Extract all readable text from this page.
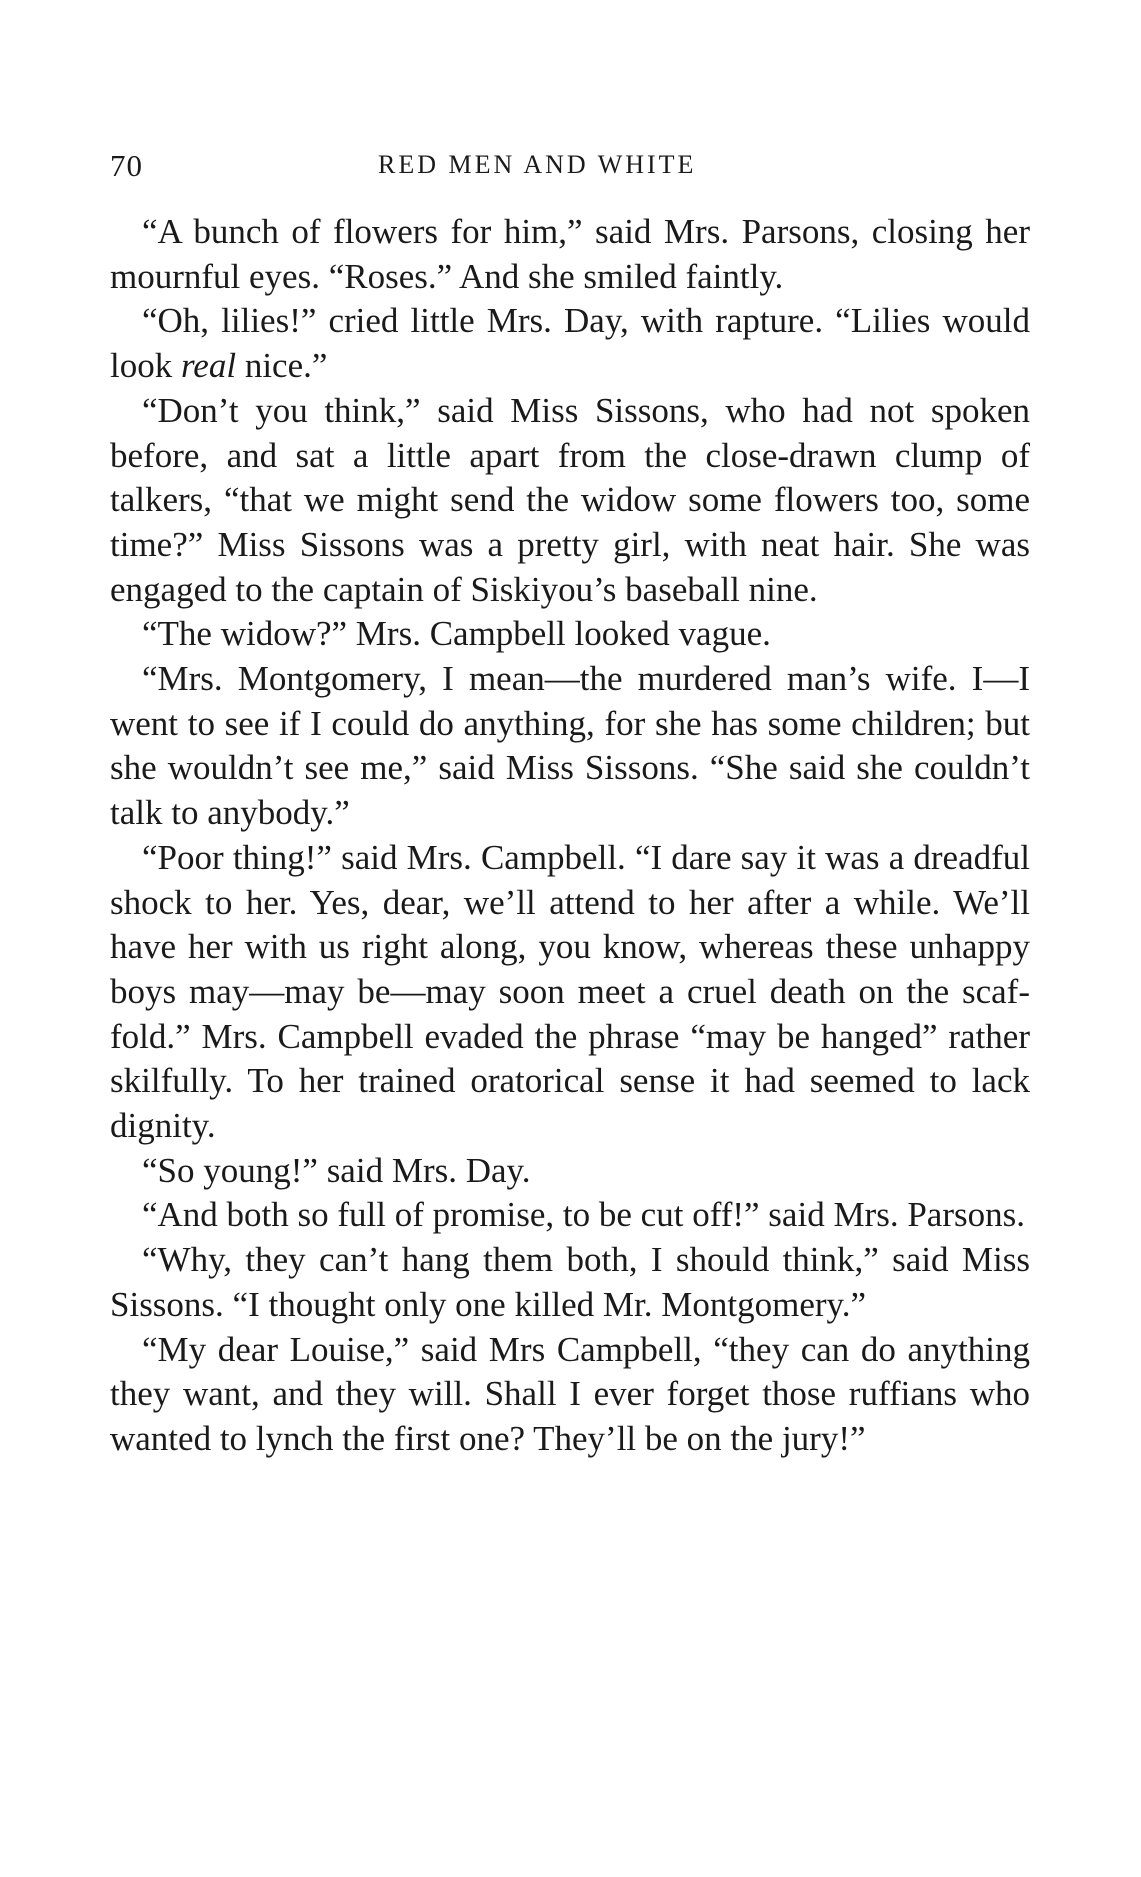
70	RED MEN AND WHITE

“A bunch of flowers for him,” said Mrs. Parsons, closing her mournful eyes. “Roses.” And she smiled faintly.

“Oh, lilies!” cried little Mrs. Day, with rapture. “Lilies would look real nice.”

“Don’t you think,” said Miss Sissons, who had not spoken before, and sat a little apart from the close-drawn clump of talkers, “that we might send the widow some flowers too, some time?” Miss Sissons was a pretty girl, with neat hair. She was engaged to the captain of Siskiyou’s baseball nine.

“The widow?” Mrs. Campbell looked vague.

“Mrs. Montgomery, I mean—the murdered man’s wife. I—I went to see if I could do anything, for she has some children; but she wouldn’t see me,” said Miss Sissons. “She said she couldn’t talk to anybody.”

“Poor thing!” said Mrs. Campbell. “I dare say it was a dreadful shock to her. Yes, dear, we’ll attend to her after a while. We’ll have her with us right along, you know, whereas these unhappy boys may—may be—may soon meet a cruel death on the scaffold.” Mrs. Campbell evaded the phrase “may be hanged” rather skilfully. To her trained oratorical sense it had seemed to lack dignity.

“So young!” said Mrs. Day.

“And both so full of promise, to be cut off!” said Mrs. Parsons.

“Why, they can’t hang them both, I should think,” said Miss Sissons. “I thought only one killed Mr. Montgomery.”

“My dear Louise,” said Mrs Campbell, “they can do anything they want, and they will. Shall I ever forget those ruffians who wanted to lynch the first one? They’ll be on the jury!”
